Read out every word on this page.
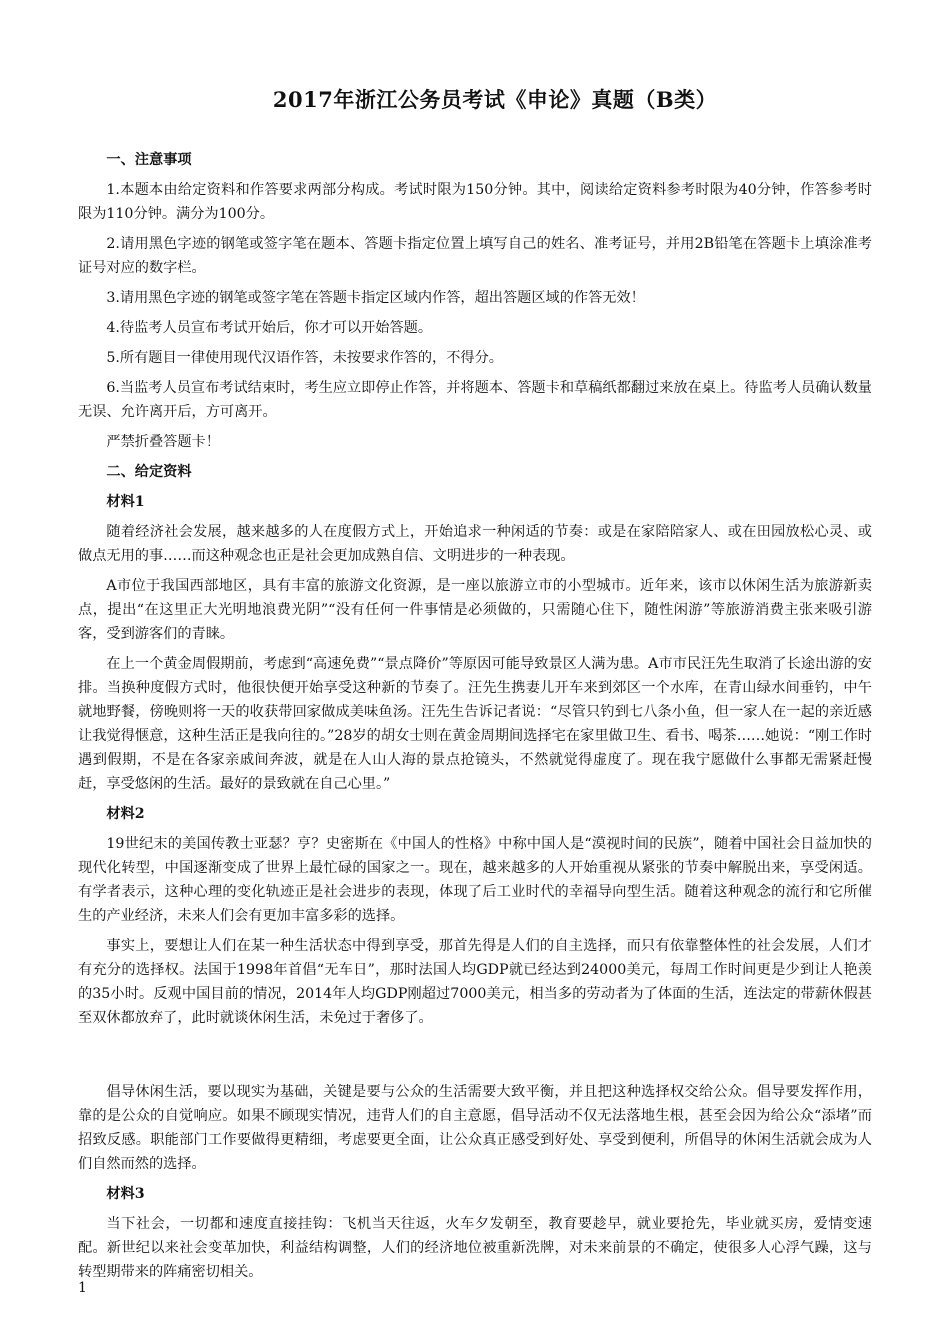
2017年浙江公务员考试《申论》真题（B类）

一、注意事项

1.本题本由给定资料和作答要求两部分构成。考试时限为150分钟。其中，阅读给定资料参考时限为40分钟，作答参考时限为110分钟。满分为100分。

2.请用黑色字迹的钢笔或签字笔在题本、答题卡指定位置上填写自己的姓名、准考证号，并用2B铅笔在答题卡上填涂准考证号对应的数字栏。

3.请用黑色字迹的钢笔或签字笔在答题卡指定区域内作答，超出答题区域的作答无效！

4.待监考人员宣布考试开始后，你才可以开始答题。

5.所有题目一律使用现代汉语作答，未按要求作答的，不得分。

6.当监考人员宣布考试结束时，考生应立即停止作答，并将题本、答题卡和草稿纸都翻过来放在桌上。待监考人员确认数量无误、允许离开后，方可离开。

严禁折叠答题卡！

二、给定资料

材料1

随着经济社会发展，越来越多的人在度假方式上，开始追求一种闲适的节奏：或是在家陪陪家人、或在田园放松心灵、或做点无用的事……而这种观念也正是社会更加成熟自信、文明进步的一种表现。

A市位于我国西部地区，具有丰富的旅游文化资源，是一座以旅游立市的小型城市。近年来，该市以休闲生活为旅游新卖点，提出“在这里正大光明地浪费光阴”“没有任何一件事情是必须做的，只需随心住下，随性闲游”等旅游消费主张来吸引游客，受到游客们的青睐。

在上一个黄金周假期前，考虑到“高速免费”“景点降价”等原因可能导致景区人满为患。A市市民汪先生取消了长途出游的安排。当换种度假方式时，他很快便开始享受这种新的节奏了。汪先生携妻儿开车来到郊区一个水库，在青山绿水间垂钓，中午就地野餐，傍晚则将一天的收获带回家做成美味鱼汤。汪先生告诉记者说：“尽管只钓到七八条小鱼，但一家人在一起的亲近感让我觉得惬意，这种生活正是我向往的。”28岁的胡女士则在黄金周期间选择宅在家里做卫生、看书、喝茶……她说：“刚工作时遇到假期，不是在各家亲戚间奔波，就是在人山人海的景点抢镜头，不然就觉得虚度了。现在我宁愿做什么事都无需紧赶慢赶，享受悠闲的生活。最好的景致就在自己心里。”

材料2

19世纪末的美国传教士亚瑟？亨？史密斯在《中国人的性格》中称中国人是“漠视时间的民族”，随着中国社会日益加快的现代化转型，中国逐渐变成了世界上最忙碌的国家之一。现在，越来越多的人开始重视从紧张的节奏中解脱出来，享受闲适。有学者表示，这种心理的变化轨迹正是社会进步的表现，体现了后工业时代的幸福导向型生活。随着这种观念的流行和它所催生的产业经济，未来人们会有更加丰富多彩的选择。

事实上，要想让人们在某一种生活状态中得到享受，那首先得是人们的自主选择，而只有依靠整体性的社会发展，人们才有充分的选择权。法国于1998年首倡“无车日”，那时法国人均GDP就已经达到24000美元，每周工作时间更是少到让人艳羡的35小时。反观中国目前的情况，2014年人均GDP刚超过7000美元，相当多的劳动者为了体面的生活，连法定的带薪休假甚至双休都放弃了，此时就谈休闲生活，未免过于奢侈了。

倡导休闲生活，要以现实为基础，关键是要与公众的生活需要大致平衡，并且把这种选择权交给公众。倡导要发挥作用，靠的是公众的自觉响应。如果不顾现实情况，违背人们的自主意愿，倡导活动不仅无法落地生根，甚至会因为给公众“添堵”而招致反感。职能部门工作要做得更精细，考虑要更全面，让公众真正感受到好处、享受到便利，所倡导的休闲生活就会成为人们自然而然的选择。

材料3

当下社会，一切都和速度直接挂钩：飞机当天往返，火车夕发朝至，教育要趁早，就业要抢先，毕业就买房，爱情变速配。新世纪以来社会变革加快，利益结构调整，人们的经济地位被重新洗牌，对未来前景的不确定，使很多人心浮气躁，这与转型期带来的阵痛密切相关。

1
